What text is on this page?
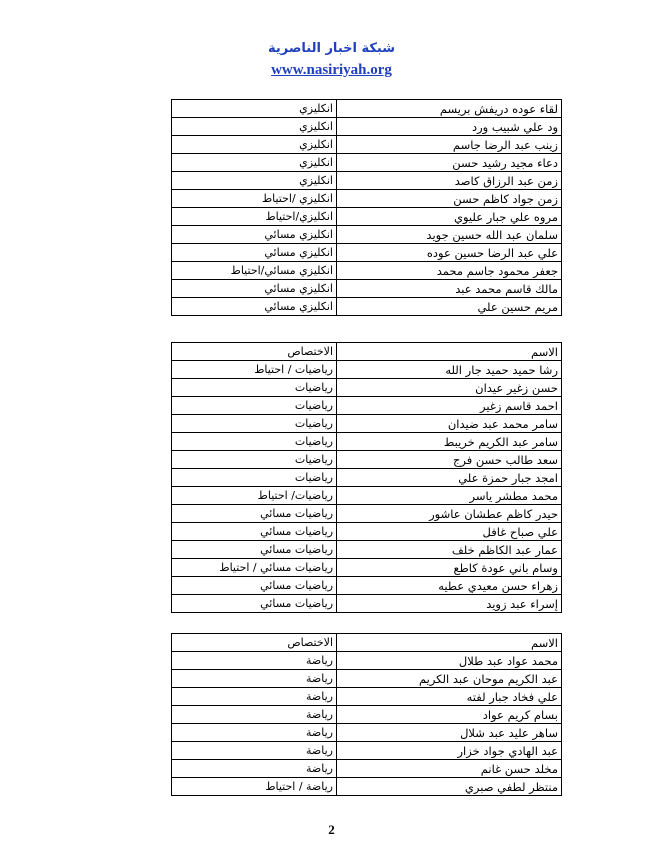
شبكة اخبار الناصرية
www.nasiriyah.org
لقاء عوده دريفش بريسم	انكليزي
ود علي شبيب ورد	انكليزي
زينب عبد الرضا جاسم	انكليزي
دعاء مجيد رشيد حسن	انكليزي
زمن عبد الرزاق كاصد	انكليزي
زمن جواد كاظم حسن	انكليزي /احتياط
مروه علي جبار عليوي	انكليزي/احتياط
سلمان عبد الله حسين جويد	انكليزي مسائي
علي عبد الرضا حسين عوده	انكليزي مسائي
جعفر محمود جاسم محمد	انكليزي مسائي/احتياط
مالك قاسم محمد عبد	انكليزي مسائي
مريم حسين علي	انكليزي مسائي
الاسم	الاختصاص
رشا حميد حميد جار الله	رياضيات / احتياط
حسن زغير عيدان	رياضيات
احمد قاسم زغير	رياضيات
سامر محمد عبد ضيدان	رياضيات
سامر عبد الكريم خريبط	رياضيات
سعد طالب حسن فرج	رياضيات
امجد جبار حمزة علي	رياضيات
محمد مطشر ياسر	رياضيات/ احتياط
حيدر كاظم عطشان عاشور	رياضيات مسائي
علي صباح غافل	رياضيات مسائي
عمار عبد الكاظم خلف	رياضيات مسائي
وسام باني عودة كاطع	رياضيات مسائي / احتياط
زهراء حسن معيدي عطيه	رياضيات مسائي
إسراء عبد زويد	رياضيات مسائي
الاسم	الاختصاص
محمد عواد عبد طلال	رياضة
عبد الكريم موحان عبد الكريم	رياضة
علي فخاد جبار لفته	رياضة
بسام كريم عواد	رياضة
ساهر عليد عبد شلال	رياضة
عبد الهادي جواد خزار	رياضة
مخلد حسن غانم	رياضة
منتظر لطفي صبري	رياضة / احتياط
2
